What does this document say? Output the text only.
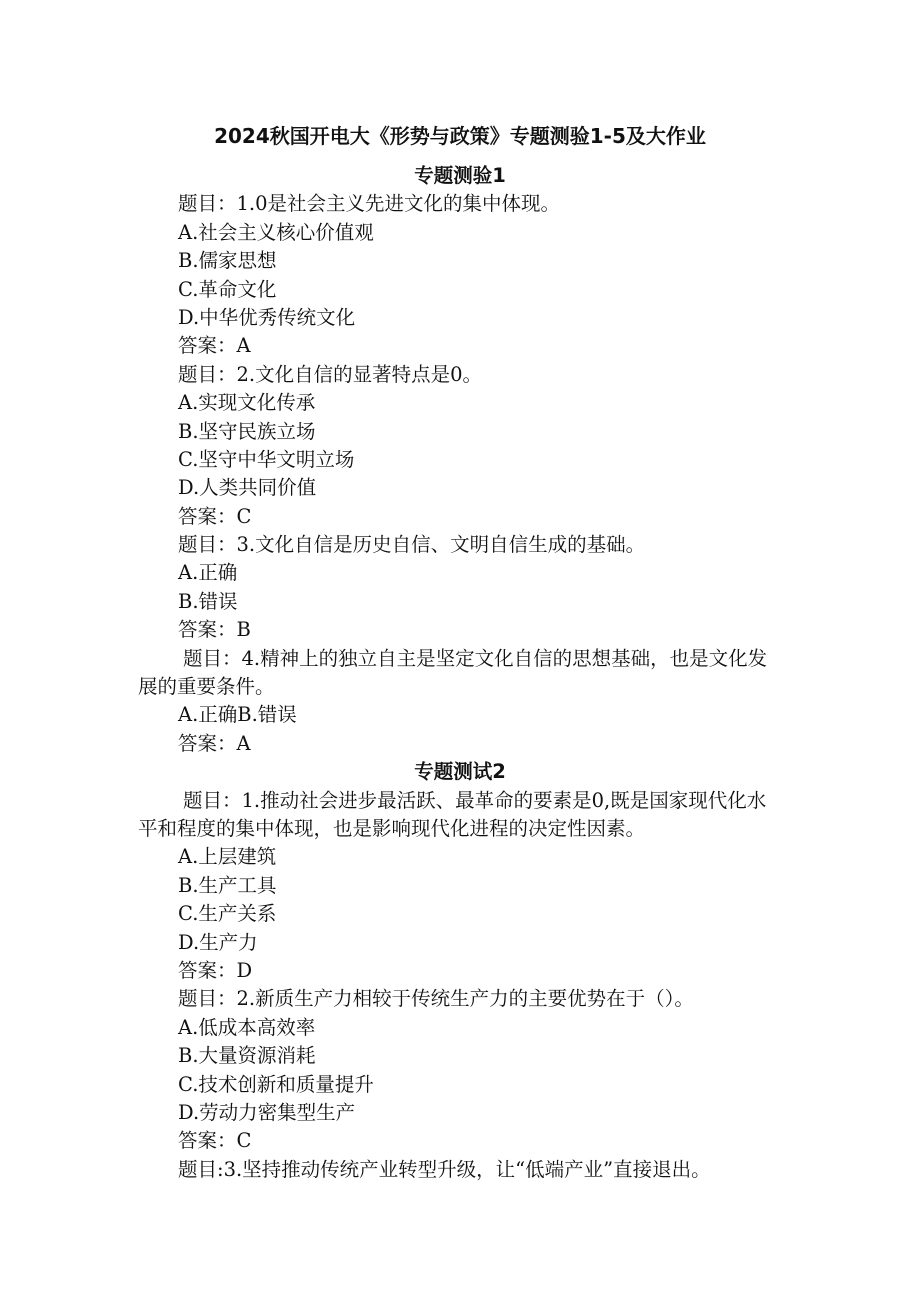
2024秋国开电大《形势与政策》专题测验1-5及大作业
专题测验1
题目：1.0是社会主义先进文化的集中体现。
A.社会主义核心价值观
B.儒家思想
C.革命文化
D.中华优秀传统文化
答案：A
题目：2.文化自信的显著特点是0。
A.实现文化传承
B.坚守民族立场
C.坚守中华文明立场
D.人类共同价值
答案：C
题目：3.文化自信是历史自信、文明自信生成的基础。
A.正确
B.错误
答案：B
题目：4.精神上的独立自主是坚定文化自信的思想基础，也是文化发展的重要条件。
A.正确B.错误
答案：A
专题测试2
题目：1.推动社会进步最活跃、最革命的要素是0,既是国家现代化水平和程度的集中体现，也是影响现代化进程的决定性因素。
A.上层建筑
B.生产工具
C.生产关系
D.生产力
答案：D
题目：2.新质生产力相较于传统生产力的主要优势在于（）。
A.低成本高效率
B.大量资源消耗
C.技术创新和质量提升
D.劳动力密集型生产
答案：C
题目:3.坚持推动传统产业转型升级，让“低端产业”直接退出。
